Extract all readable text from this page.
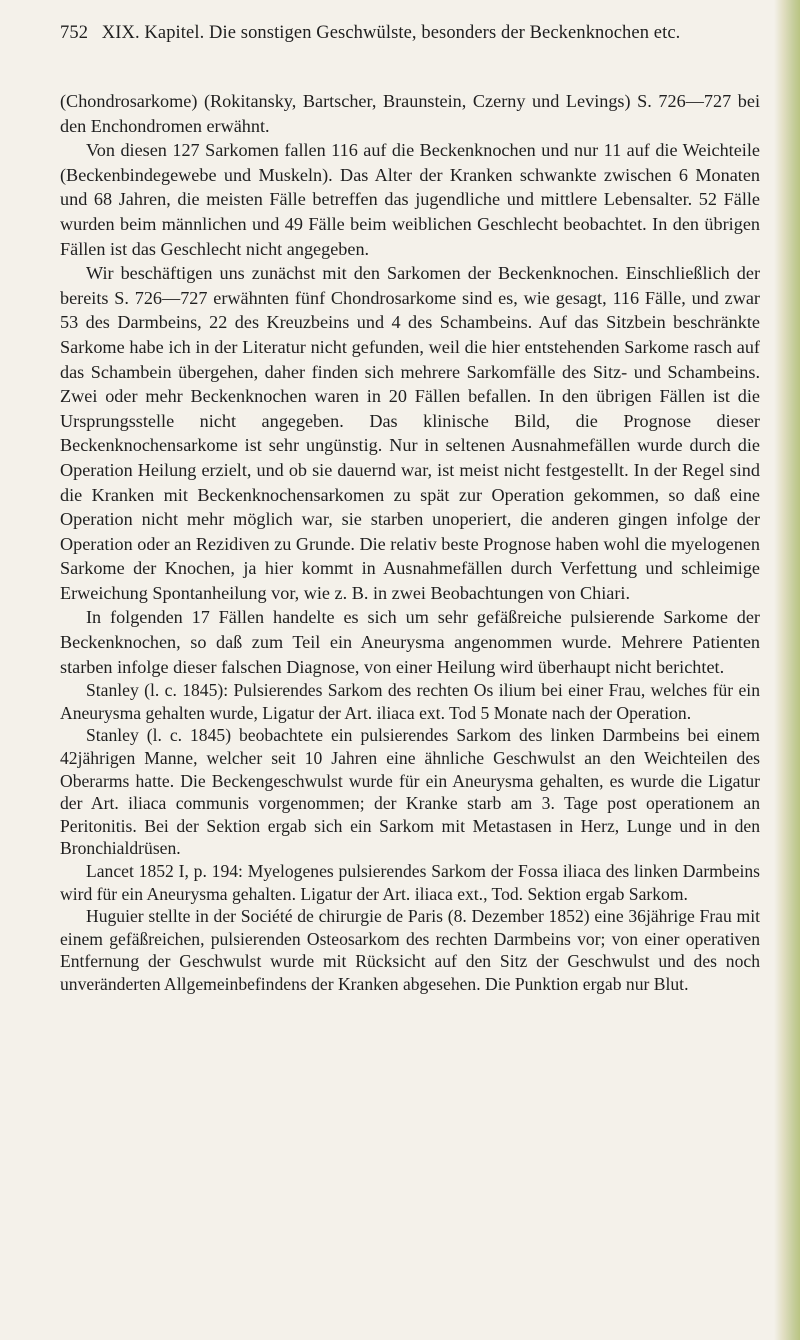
752 XIX. Kapitel. Die sonstigen Geschwülste, besonders der Beckenknochen etc.

(Chondrosarkome) (Rokitansky, Bartscher, Braunstein, Czerny und Levings) S. 726—727 bei den Enchondromen erwähnt.

Von diesen 127 Sarkomen fallen 116 auf die Beckenknochen und nur 11 auf die Weichteile (Beckenbindegewebe und Muskeln). Das Alter der Kranken schwankte zwischen 6 Monaten und 68 Jahren, die meisten Fälle betreffen das jugendliche und mittlere Lebensalter. 52 Fälle wurden beim männlichen und 49 Fälle beim weiblichen Geschlecht beobachtet. In den übrigen Fällen ist das Geschlecht nicht angegeben.

Wir beschäftigen uns zunächst mit den Sarkomen der Beckenknochen. Einschließlich der bereits S. 726—727 erwähnten fünf Chondrosarkome sind es, wie gesagt, 116 Fälle, und zwar 53 des Darmbeins, 22 des Kreuzbeins und 4 des Schambeins. Auf das Sitzbein beschränkte Sarkome habe ich in der Literatur nicht gefunden, weil die hier entstehenden Sarkome rasch auf das Schambein übergehen, daher finden sich mehrere Sarkomfälle des Sitz- und Schambeins. Zwei oder mehr Beckenknochen waren in 20 Fällen befallen. In den übrigen Fällen ist die Ursprungsstelle nicht angegeben. Das klinische Bild, die Prognose dieser Beckenknochensarkome ist sehr ungünstig. Nur in seltenen Ausnahmefällen wurde durch die Operation Heilung erzielt, und ob sie dauernd war, ist meist nicht festgestellt. In der Regel sind die Kranken mit Beckenknochensarkomen zu spät zur Operation gekommen, so daß eine Operation nicht mehr möglich war, sie starben unoperiert, die anderen gingen infolge der Operation oder an Rezidiven zu Grunde. Die relativ beste Prognose haben wohl die myelogenen Sarkome der Knochen, ja hier kommt in Ausnahmefällen durch Verfettung und schleimige Erweichung Spontanheilung vor, wie z. B. in zwei Beobachtungen von Chiari.

In folgenden 17 Fällen handelte es sich um sehr gefäßreiche pulsierende Sarkome der Beckenknochen, so daß zum Teil ein Aneurysma angenommen wurde. Mehrere Patienten starben infolge dieser falschen Diagnose, von einer Heilung wird überhaupt nicht berichtet.

Stanley (l. c. 1845): Pulsierendes Sarkom des rechten Os ilium bei einer Frau, welches für ein Aneurysma gehalten wurde, Ligatur der Art. iliaca ext. Tod 5 Monate nach der Operation.

Stanley (l. c. 1845) beobachtete ein pulsierendes Sarkom des linken Darmbeins bei einem 42jährigen Manne, welcher seit 10 Jahren eine ähnliche Geschwulst an den Weichteilen des Oberarms hatte. Die Beckengeschwulst wurde für ein Aneurysma gehalten, es wurde die Ligatur der Art. iliaca communis vorgenommen; der Kranke starb am 3. Tage post operationem an Peritonitis. Bei der Sektion ergab sich ein Sarkom mit Metastasen in Herz, Lunge und in den Bronchialdrüsen.

Lancet 1852 I, p. 194: Myelogenes pulsierendes Sarkom der Fossa iliaca des linken Darmbeins wird für ein Aneurysma gehalten. Ligatur der Art. iliaca ext., Tod. Sektion ergab Sarkom.

Huguier stellte in der Société de chirurgie de Paris (8. Dezember 1852) eine 36jährige Frau mit einem gefäßreichen, pulsierenden Osteosarkom des rechten Darmbeins vor; von einer operativen Entfernung der Geschwulst wurde mit Rücksicht auf den Sitz der Geschwulst und des noch unveränderten Allgemeinbefindens der Kranken abgesehen. Die Punktion ergab nur Blut.
